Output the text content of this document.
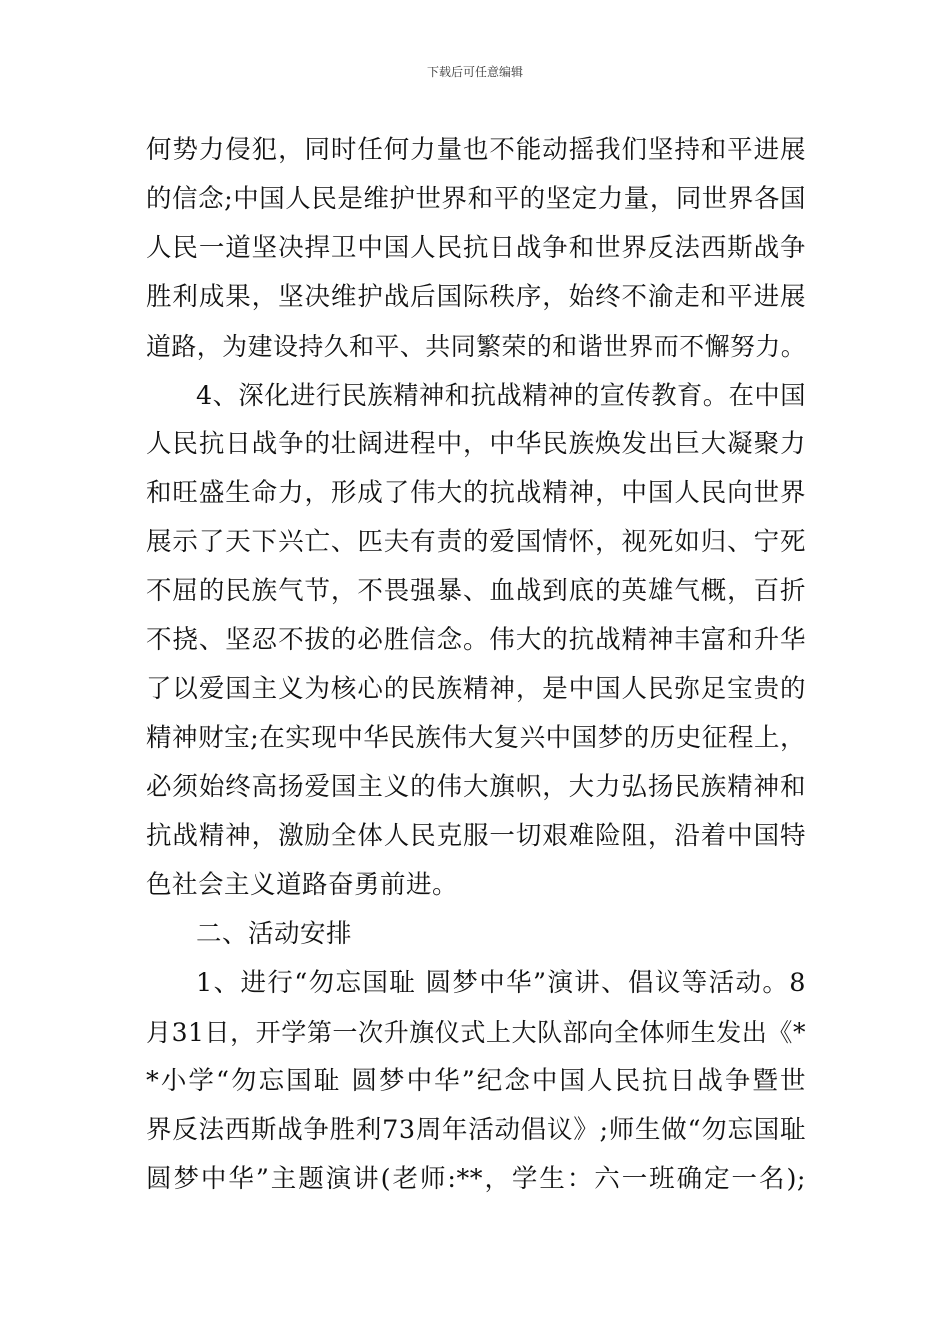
下载后可任意编辑
何势力侵犯，同时任何力量也不能动摇我们坚持和平进展
的信念;中国人民是维护世界和平的坚定力量，同世界各国
人民一道坚决捍卫中国人民抗日战争和世界反法西斯战争
胜利成果，坚决维护战后国际秩序，始终不渝走和平进展
道路，为建设持久和平、共同繁荣的和谐世界而不懈努力。
4、深化进行民族精神和抗战精神的宣传教育。在中国
人民抗日战争的壮阔进程中，中华民族焕发出巨大凝聚力
和旺盛生命力，形成了伟大的抗战精神，中国人民向世界
展示了天下兴亡、匹夫有责的爱国情怀，视死如归、宁死
不屈的民族气节，不畏强暴、血战到底的英雄气概，百折
不挠、坚忍不拔的必胜信念。伟大的抗战精神丰富和升华
了以爱国主义为核心的民族精神，是中国人民弥足宝贵的
精神财宝;在实现中华民族伟大复兴中国梦的历史征程上，
必须始终高扬爱国主义的伟大旗帜，大力弘扬民族精神和
抗战精神，激励全体人民克服一切艰难险阻，沿着中国特
色社会主义道路奋勇前进。
二、活动安排
1、进行“勿忘国耻 圆梦中华”演讲、倡议等活动。8
月31日，开学第一次升旗仪式上大队部向全体师生发出《*
*小学“勿忘国耻 圆梦中华”纪念中国人民抗日战争暨世
界反法西斯战争胜利73周年活动倡议》;师生做“勿忘国耻
圆梦中华”主题演讲(老师:**，学生：六一班确定一名);
